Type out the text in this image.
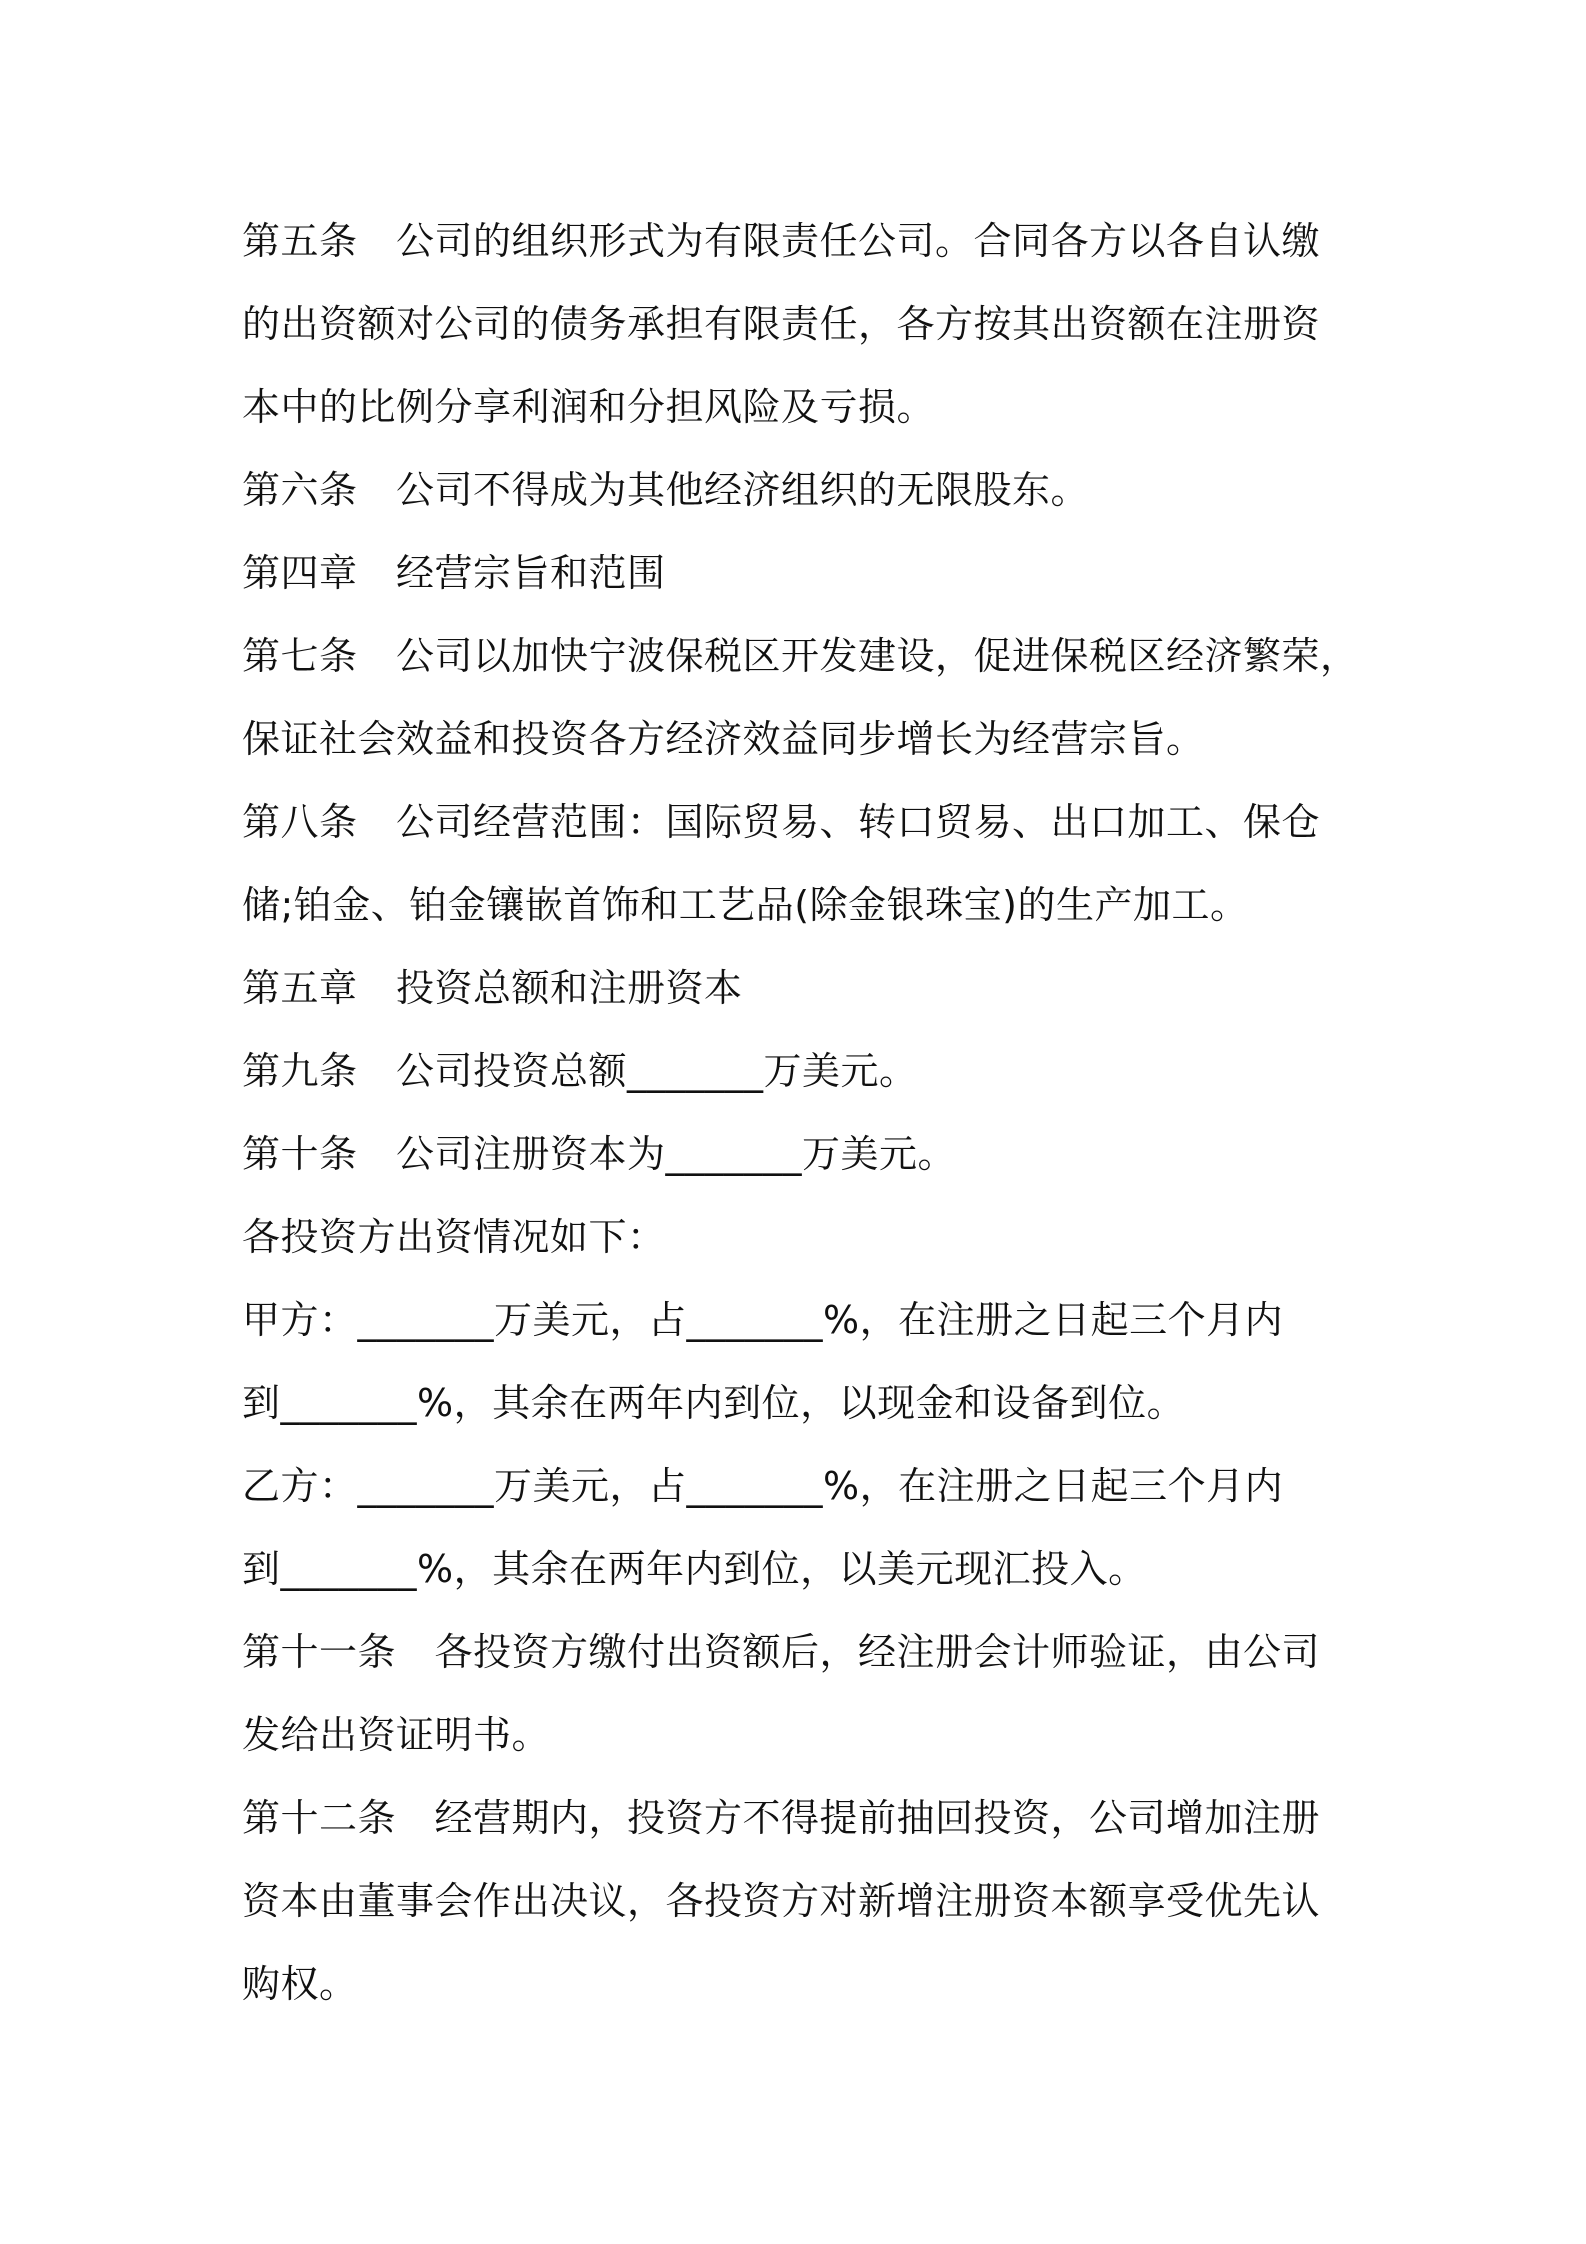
第五条　公司的组织形式为有限责任公司。合同各方以各自认缴
的出资额对公司的债务承担有限责任，各方按其出资额在注册资
本中的比例分享利润和分担风险及亏损。
第六条　公司不得成为其他经济组织的无限股东。
第四章　经营宗旨和范围
第七条　公司以加快宁波保税区开发建设，促进保税区经济繁荣，
保证社会效益和投资各方经济效益同步增长为经营宗旨。
第八条　公司经营范围：国际贸易、转口贸易、出口加工、保仓
储;铂金、铂金镶嵌首饰和工艺品(除金银珠宝)的生产加工。
第五章　投资总额和注册资本
第九条　公司投资总额_______万美元。
第十条　公司注册资本为_______万美元。
各投资方出资情况如下：
甲方：_______万美元，占_______%，在注册之日起三个月内
到_______%，其余在两年内到位，以现金和设备到位。
乙方：_______万美元，占_______%，在注册之日起三个月内
到_______%，其余在两年内到位，以美元现汇投入。
第十一条　各投资方缴付出资额后，经注册会计师验证，由公司
发给出资证明书。
第十二条　经营期内，投资方不得提前抽回投资，公司增加注册
资本由董事会作出决议，各投资方对新增注册资本额享受优先认
购权。
